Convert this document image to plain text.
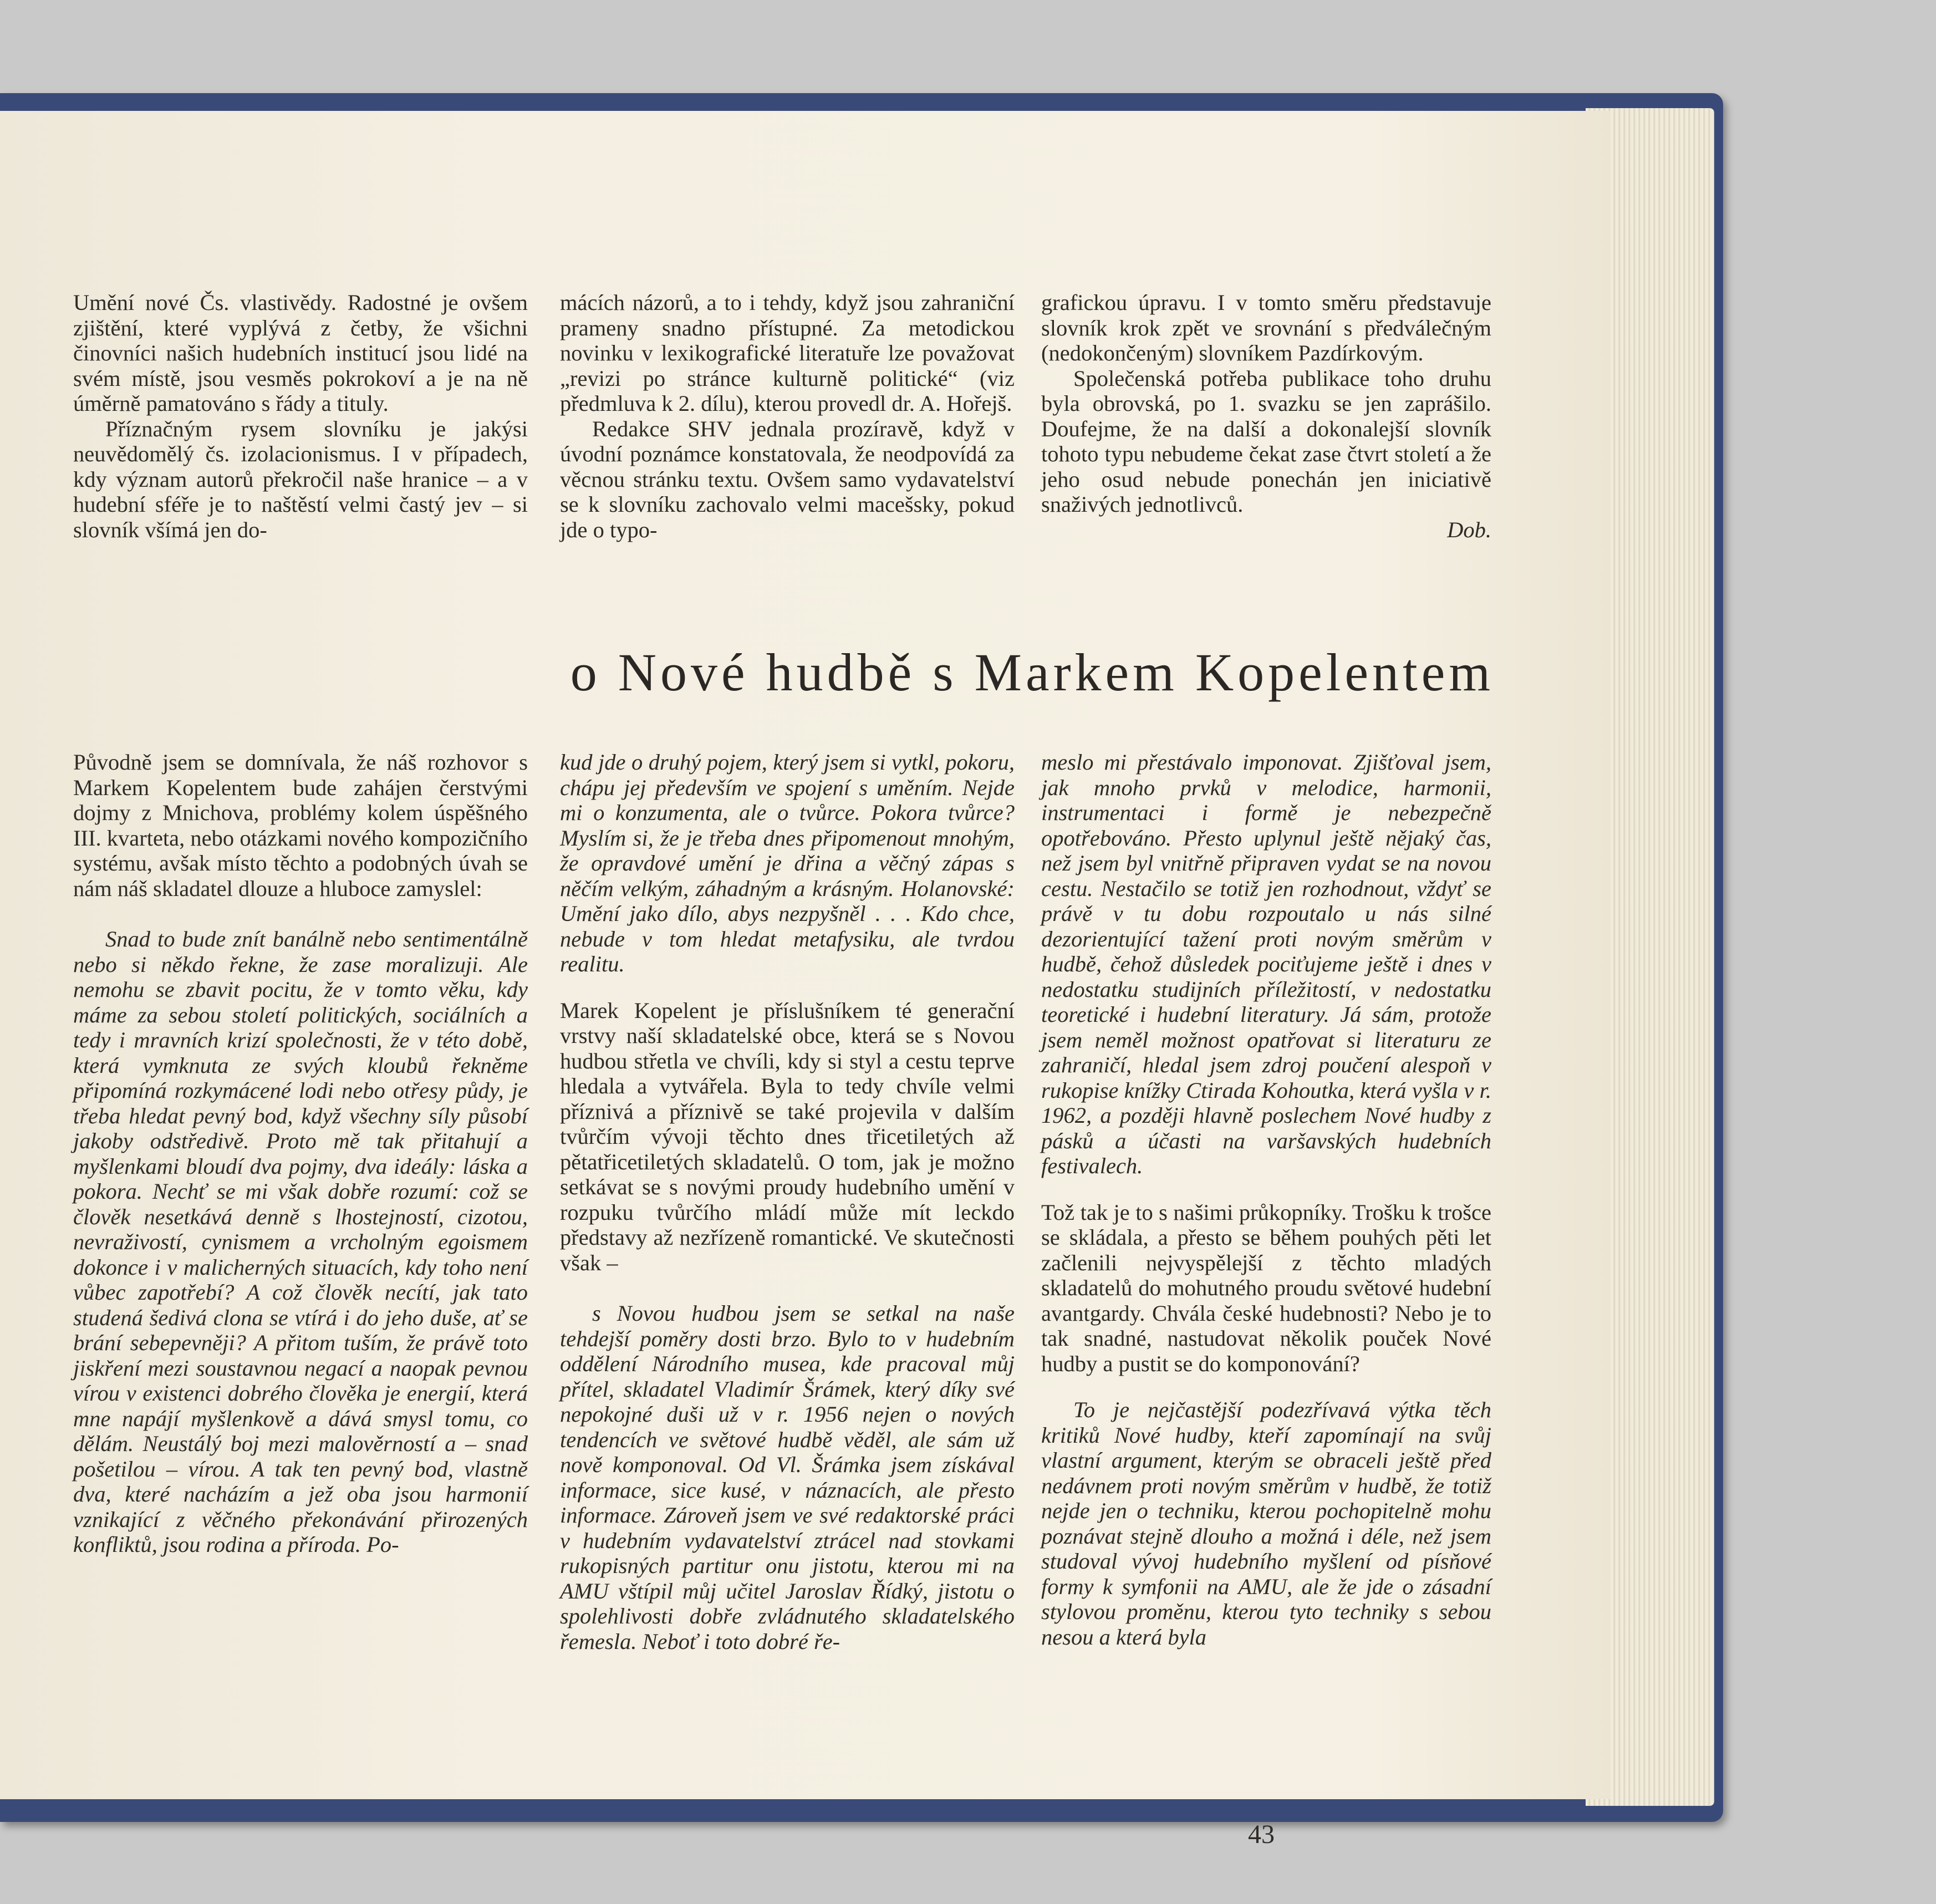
Umění nové Čs. vlastivědy. Radostné je ovšem zjištění, které vyplývá z četby, že všichni činovníci našich hudebních institucí jsou lidé na svém místě, jsou vesměs pokrokoví a je na ně úměrně pamatováno s řády a tituly.

Příznačným rysem slovníku je jakýsi neuvědomělý čs. izolacionismus. I v případech, kdy význam autorů překročil naše hranice – a v hudební sféře je to naštěstí velmi častý jev – si slovník všímá jen do-

mácích názorů, a to i tehdy, když jsou zahraniční prameny snadno přístupné. Za metodickou novinku v lexikografické literatuře lze považovat „revizi po stránce kulturně politické“ (viz předmluva k 2. dílu), kterou provedl dr. A. Hořejš.

Redakce SHV jednala prozíravě, když v úvodní poznámce konstatovala, že neodpovídá za věcnou stránku textu. Ovšem samo vydavatelství se k slovníku zachovalo velmi macešsky, pokud jde o typo-

grafickou úpravu. I v tomto směru představuje slovník krok zpět ve srovnání s předválečným (nedokončeným) slovníkem Pazdírkovým.

Společenská potřeba publikace toho druhu byla obrovská, po 1. svazku se jen zaprášilo. Doufejme, že na další a dokonalejší slovník tohoto typu nebudeme čekat zase čtvrt století a že jeho osud nebude ponechán jen iniciativě snaživých jednotlivců.

Dob.

o Nové hudbě s Markem Kopelentem

Původně jsem se domnívala, že náš rozhovor s Markem Kopelentem bude zahájen čerstvými dojmy z Mnichova, problémy kolem úspěšného III. kvarteta, nebo otázkami nového kompozičního systému, avšak místo těchto a podobných úvah se nám náš skladatel dlouze a hluboce zamyslel:

Snad to bude znít banálně nebo sentimentálně nebo si někdo řekne, že zase moralizuji. Ale nemohu se zbavit pocitu, že v tomto věku, kdy máme za sebou století politických, sociálních a tedy i mravních krizí společnosti, že v této době, která vymknuta ze svých kloubů řekněme připomíná rozkymácené lodi nebo otřesy půdy, je třeba hledat pevný bod, když všechny síly působí jakoby odstředivě. Proto mě tak přitahují a myšlenkami bloudí dva pojmy, dva ideály: láska a pokora. Nechť se mi však dobře rozumí: což se člověk nesetkává denně s lhostejností, cizotou, nevraživostí, cynismem a vrcholným egoismem dokonce i v malicherných situacích, kdy toho není vůbec zapotřebí? A což člověk necítí, jak tato studená šedivá clona se vtírá i do jeho duše, ať se brání sebepevněji? A přitom tuším, že právě toto jiskření mezi soustavnou negací a naopak pevnou vírou v existenci dobrého člověka je energií, která mne napájí myšlenkově a dává smysl tomu, co dělám. Neustálý boj mezi malověrností a – snad pošetilou – vírou. A tak ten pevný bod, vlastně dva, které nacházím a jež oba jsou harmonií vznikající z věčného překonávání přirozených konfliktů, jsou rodina a příroda. Po-

kud jde o druhý pojem, který jsem si vytkl, pokoru, chápu jej především ve spojení s uměním. Nejde mi o konzumenta, ale o tvůrce. Pokora tvůrce? Myslím si, že je třeba dnes připomenout mnohým, že opravdové umění je dřina a věčný zápas s něčím velkým, záhadným a krásným. Holanovské: Umění jako dílo, abys nezpyšněl . . . Kdo chce, nebude v tom hledat metafysiku, ale tvrdou realitu.

Marek Kopelent je příslušníkem té generační vrstvy naší skladatelské obce, která se s Novou hudbou střetla ve chvíli, kdy si styl a cestu teprve hledala a vytvářela. Byla to tedy chvíle velmi příznivá a příznivě se také projevila v dalším tvůrčím vývoji těchto dnes třicetiletých až pětatřicetiletých skladatelů. O tom, jak je možno setkávat se s novými proudy hudebního umění v rozpuku tvůrčího mládí může mít leckdo představy až nezřízeně romantické. Ve skutečnosti však –

s Novou hudbou jsem se setkal na naše tehdejší poměry dosti brzo. Bylo to v hudebním oddělení Národního musea, kde pracoval můj přítel, skladatel Vladimír Šrámek, který díky své nepokojné duši už v r. 1956 nejen o nových tendencích ve světové hudbě věděl, ale sám už nově komponoval. Od Vl. Šrámka jsem získával informace, sice kusé, v náznacích, ale přesto informace. Zároveň jsem ve své redaktorské práci v hudebním vydavatelství ztrácel nad stovkami rukopisných partitur onu jistotu, kterou mi na AMU vštípil můj učitel Jaroslav Řídký, jistotu o spolehlivosti dobře zvládnutého skladatelského řemesla. Neboť i toto dobré ře-

meslo mi přestávalo imponovat. Zjišťoval jsem, jak mnoho prvků v melodice, harmonii, instrumentaci i formě je nebezpečně opotřebováno. Přesto uplynul ještě nějaký čas, než jsem byl vnitřně připraven vydat se na novou cestu. Nestačilo se totiž jen rozhodnout, vždyť se právě v tu dobu rozpoutalo u nás silné dezorientující tažení proti novým směrům v hudbě, čehož důsledek pociťujeme ještě i dnes v nedostatku studijních příležitostí, v nedostatku teoretické i hudební literatury. Já sám, protože jsem neměl možnost opatřovat si literaturu ze zahraničí, hledal jsem zdroj poučení alespoň v rukopise knížky Ctirada Kohoutka, která vyšla v r. 1962, a později hlavně poslechem Nové hudby z pásků a účasti na varšavských hudebních festivalech.

Tož tak je to s našimi průkopníky. Trošku k trošce se skládala, a přesto se během pouhých pěti let začlenili nejvyspělejší z těchto mladých skladatelů do mohutného proudu světové hudební avantgardy. Chvála české hudebnosti? Nebo je to tak snadné, nastudovat několik pouček Nové hudby a pustit se do komponování?

To je nejčastější podezřívavá výtka těch kritiků Nové hudby, kteří zapomínají na svůj vlastní argument, kterým se obraceli ještě před nedávnem proti novým směrům v hudbě, že totiž nejde jen o techniku, kterou pochopitelně mohu poznávat stejně dlouho a možná i déle, než jsem studoval vývoj hudebního myšlení od písňové formy k symfonii na AMU, ale že jde o zásadní stylovou proměnu, kterou tyto techniky s sebou nesou a která byla

43
